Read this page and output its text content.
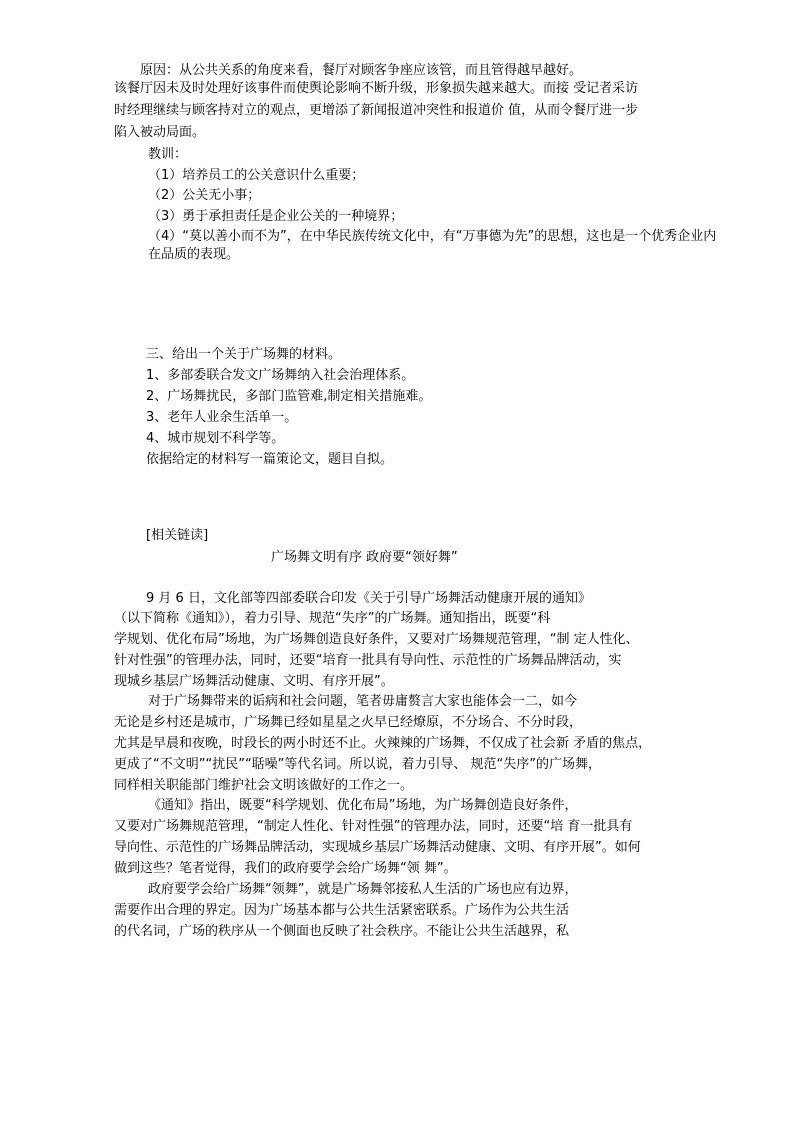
原因：从公共关系的角度来看，餐厅对顾客争座应该管，而且管得越早越好。
该餐厅因未及时处理好该事件而使舆论影响不断升级，形象损失越来越大。而接 受记者采访
时经理继续与顾客持对立的观点，更增添了新闻报道冲突性和报道价 值，从而令餐厅进一步
陷入被动局面。
教训：
（1）培养员工的公关意识什么重要；
（2）公关无小事；
（3）勇于承担责任是企业公关的一种境界；
（4）“莫以善小而不为”，在中华民族传统文化中，有“万事德为先”的思想，这也是一个优秀企业内
在品质的表现。
三、给出一个关于广场舞的材料。
1、多部委联合发文广场舞纳入社会治理体系。
2、广场舞扰民，多部门监管难,制定相关措施难。
3、老年人业余生活单一。
4、城市规划不科学等。
依据给定的材料写一篇策论文，题目自拟。
[相关链读]
广场舞文明有序 政府要“领好舞”
9 月 6 日，文化部等四部委联合印发《关于引导广场舞活动健康开展的通知》
（以下简称《通知》），着力引导、规范“失序”的广场舞。通知指出，既要“科
学规划、优化布局”场地，为广场舞创造良好条件，又要对广场舞规范管理，“制 定人性化、
针对性强”的管理办法，同时，还要“培育一批具有导向性、示范性的广场舞品牌活动，实
现城乡基层广场舞活动健康、文明、有序开展”。
对于广场舞带来的诟病和社会问题，笔者毋庸赘言大家也能体会一二，如今
无论是乡村还是城市，广场舞已经如星星之火早已经燎原，不分场合、不分时段，
尤其是早晨和夜晚，时段长的两小时还不止。火辣辣的广场舞，不仅成了社会新 矛盾的焦点，
更成了“不文明”“扰民”“聒噪”等代名词。所以说，着力引导、 规范“失序”的广场舞，
同样相关职能部门维护社会文明该做好的工作之一。
《通知》指出，既要“科学规划、优化布局”场地，为广场舞创造良好条件，
又要对广场舞规范管理，“制定人性化、针对性强”的管理办法，同时，还要“培 育一批具有
导向性、示范性的广场舞品牌活动，实现城乡基层广场舞活动健康、文明、有序开展”。如何
做到这些？笔者觉得，我们的政府要学会给广场舞“领 舞”。
政府要学会给广场舞“领舞”，就是广场舞邻接私人生活的广场也应有边界，
需要作出合理的界定。因为广场基本都与公共生活紧密联系。广场作为公共生活
的代名词，广场的秩序从一个侧面也反映了社会秩序。不能让公共生活越界，私
